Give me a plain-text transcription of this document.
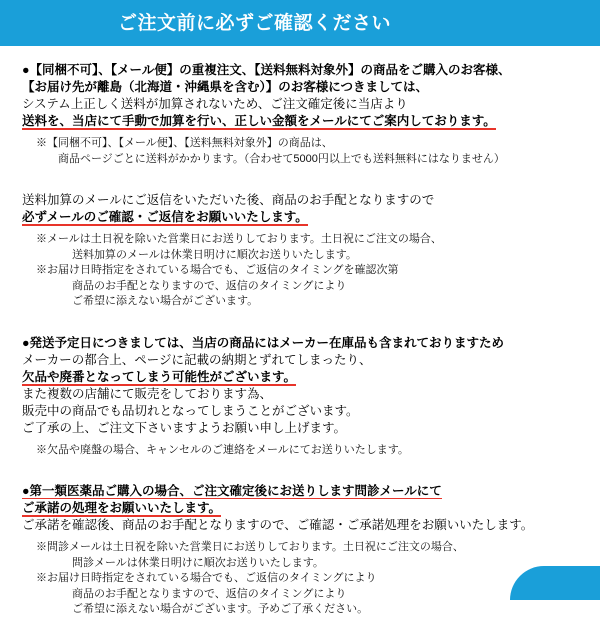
ご注文前に必ずご確認ください
●【同梱不可】、【メール便】の重複注文、【送料無料対象外】の商品をご購入のお客様、
【お届け先が離島（北海道・沖縄県を含む）】のお客様につきましては、
システム上正しく送料が加算されないため、ご注文確定後に当店より
送料を、当店にて手動で加算を行い、正しい金額をメールにてご案内しております。
※【同梱不可】、【メール便】、【送料無料対象外】の商品は、
　　商品ページごとに送料がかかります。（合わせて5000円以上でも送料無料にはなりません）
送料加算のメールにご返信をいただいた後、商品のお手配となりますので
必ずメールのご確認・ご返信をお願いいたします。
※メールは土日祝を除いた営業日にお送りしております。土日祝にご注文の場合、
　　送料加算のメールは休業日明けに順次お送りいたします。
※お届け日時指定をされている場合でも、ご返信のタイミングを確認次第
　　商品のお手配となりますので、返信のタイミングにより
　　ご希望に添えない場合がございます。
●発送予定日につきましては、当店の商品にはメーカー在庫品も含まれておりますため
メーカーの都合上、ページに記載の納期とずれてしまったり、
欠品や廃番となってしまう可能性がございます。
また複数の店舗にて販売をしております為、
販売中の商品でも品切れとなってしまうことがございます。
ご了承の上、ご注文下さいますようお願い申し上げます。
※欠品や廃盤の場合、キャンセルのご連絡をメールにてお送りいたします。
●第一類医薬品ご購入の場合、ご注文確定後にお送りします問診メールにて
ご承諾の処理をお願いいたします。
ご承諾を確認後、商品のお手配となりますので、ご確認・ご承諾処理をお願いいたします。
※問診メールは土日祝を除いた営業日にお送りしております。土日祝にご注文の場合、
　　問診メールは休業日明けに順次お送りいたします。
※お届け日時指定をされている場合でも、ご返信のタイミングにより
　　商品のお手配となりますので、返信のタイミングにより
　　ご希望に添えない場合がございます。予めご了承ください。
